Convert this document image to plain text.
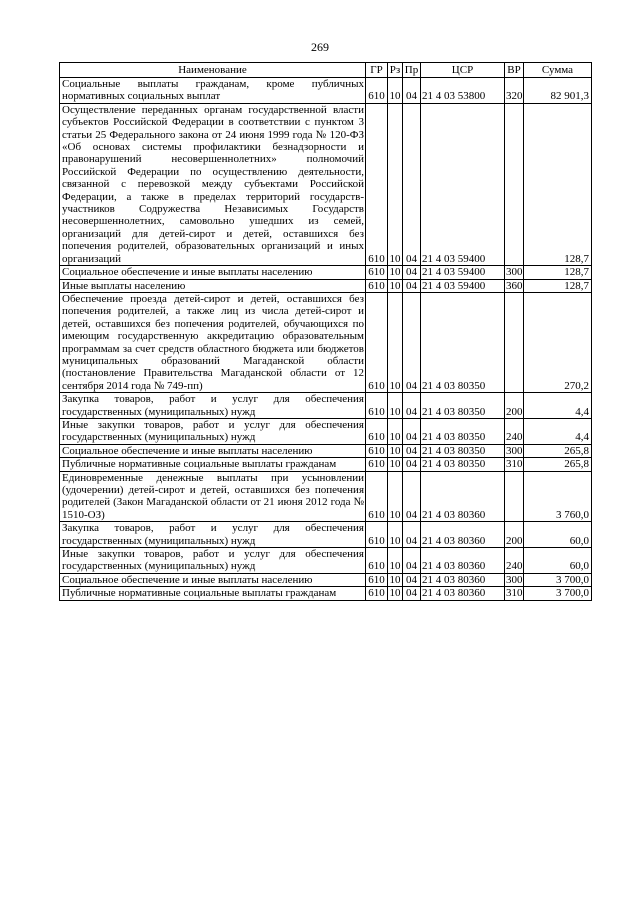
269
Наименование	ГР	Рз	Пр	ЦСР	ВР	Сумма
Социальные выплаты гражданам, кроме публичных нормативных социальных выплат	610	10	04	21 4 03 53800	320	82 901,3
Осуществление переданных органам государственной власти субъектов Российской Федерации в соответствии с пунктом 3 статьи 25 Федерального закона от 24 июня 1999 года № 120-ФЗ «Об основах системы профилактики безнадзорности и правонарушений несовершеннолетних» полномочий Российской Федерации по осуществлению деятельности, связанной с перевозкой между субъектами Российской Федерации, а также в пределах территорий государств-участников Содружества Независимых Государств несовершеннолетних, самовольно ушедших из семей, организаций для детей-сирот и детей, оставшихся без попечения родителей, образовательных организаций и иных организаций	610	10	04	21 4 03 59400		128,7
Социальное обеспечение и иные выплаты населению	610	10	04	21 4 03 59400	300	128,7
Иные выплаты населению	610	10	04	21 4 03 59400	360	128,7
Обеспечение проезда детей-сирот и детей, оставшихся без попечения родителей, а также лиц из числа детей-сирот и детей, оставшихся без попечения родителей, обучающихся по имеющим государственную аккредитацию образовательным программам за счет средств областного бюджета или бюджетов муниципальных образований Магаданской области (постановление Правительства Магаданской области от 12 сентября 2014 года № 749-пп)	610	10	04	21 4 03 80350		270,2
Закупка товаров, работ и услуг для обеспечения государственных (муниципальных) нужд	610	10	04	21 4 03 80350	200	4,4
Иные закупки товаров, работ и услуг для обеспечения государственных (муниципальных) нужд	610	10	04	21 4 03 80350	240	4,4
Социальное обеспечение и иные выплаты населению	610	10	04	21 4 03 80350	300	265,8
Публичные нормативные социальные выплаты гражданам	610	10	04	21 4 03 80350	310	265,8
Единовременные денежные выплаты при усыновлении (удочерении) детей-сирот и детей, оставшихся без попечения родителей (Закон Магаданской области от 21 июня 2012 года № 1510-ОЗ)	610	10	04	21 4 03 80360		3 760,0
Закупка товаров, работ и услуг для обеспечения государственных (муниципальных) нужд	610	10	04	21 4 03 80360	200	60,0
Иные закупки товаров, работ и услуг для обеспечения государственных (муниципальных) нужд	610	10	04	21 4 03 80360	240	60,0
Социальное обеспечение и иные выплаты населению	610	10	04	21 4 03 80360	300	3 700,0
Публичные нормативные социальные выплаты гражданам	610	10	04	21 4 03 80360	310	3 700,0
